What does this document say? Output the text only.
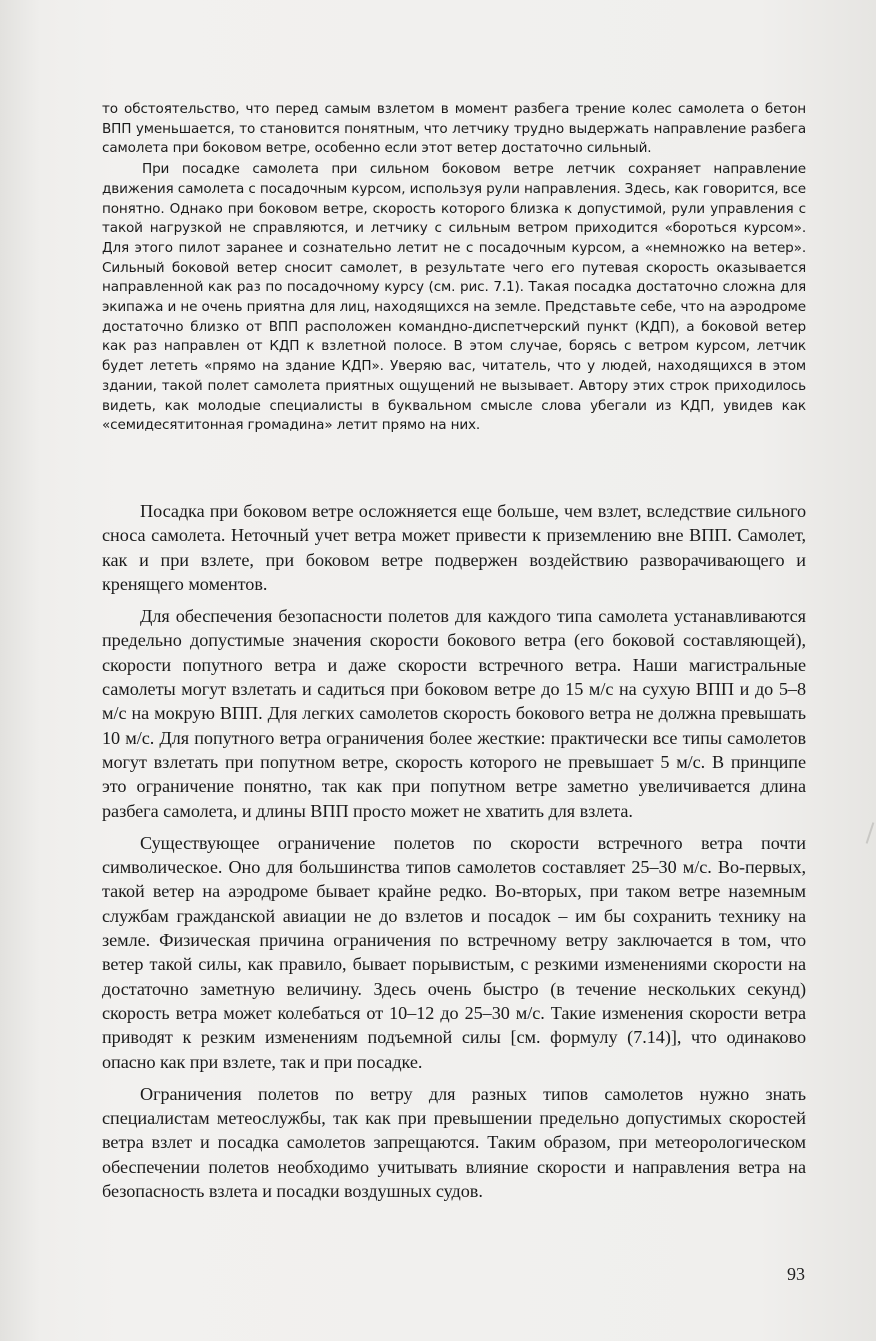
то обстоятельство, что перед самым взлетом в момент разбега трение колес самолета о бетон ВПП уменьшается, то становится понятным, что летчику трудно выдержать направление разбега самолета при боковом ветре, особенно если этот ветер достаточно сильный.

При посадке самолета при сильном боковом ветре летчик сохраняет направление движения самолета с посадочным курсом, используя рули направления. Здесь, как говорится, все понятно. Однако при боковом ветре, скорость которого близка к допустимой, рули управления с такой нагрузкой не справляются, и летчику с сильным ветром приходится «бороться курсом». Для этого пилот заранее и сознательно летит не с посадочным курсом, а «немножко на ветер». Сильный боковой ветер сносит самолет, в результате чего его путевая скорость оказывается направленной как раз по посадочному курсу (см. рис. 7.1). Такая посадка достаточно сложна для экипажа и не очень приятна для лиц, находящихся на земле. Представьте себе, что на аэродроме достаточно близко от ВПП расположен командно-диспетчерский пункт (КДП), а боковой ветер как раз направлен от КДП к взлетной полосе. В этом случае, борясь с ветром курсом, летчик будет лететь «прямо на здание КДП». Уверяю вас, читатель, что у людей, находящихся в этом здании, такой полет самолета приятных ощущений не вызывает. Автору этих строк приходилось видеть, как молодые специалисты в буквальном смысле слова убегали из КДП, увидев как «семидесятитонная громадина» летит прямо на них.

Посадка при боковом ветре осложняется еще больше, чем взлет, вследствие сильного сноса самолета. Неточный учет ветра может привести к приземлению вне ВПП. Самолет, как и при взлете, при боковом ветре подвержен воздействию разворачивающего и кренящего моментов.

Для обеспечения безопасности полетов для каждого типа самолета устанавливаются предельно допустимые значения скорости бокового ветра (его боковой составляющей), скорости попутного ветра и даже скорости встречного ветра. Наши магистральные самолеты могут взлетать и садиться при боковом ветре до 15 м/с на сухую ВПП и до 5–8 м/с на мокрую ВПП. Для легких самолетов скорость бокового ветра не должна превышать 10 м/с. Для попутного ветра ограничения более жесткие: практически все типы самолетов могут взлетать при попутном ветре, скорость которого не превышает 5 м/с. В принципе это ограничение понятно, так как при попутном ветре заметно увеличивается длина разбега самолета, и длины ВПП просто может не хватить для взлета.

Существующее ограничение полетов по скорости встречного ветра почти символическое. Оно для большинства типов самолетов составляет 25–30 м/с. Во-первых, такой ветер на аэродроме бывает крайне редко. Во-вторых, при таком ветре наземным службам гражданской авиации не до взлетов и посадок – им бы сохранить технику на земле. Физическая причина ограничения по встречному ветру заключается в том, что ветер такой силы, как правило, бывает порывистым, с резкими изменениями скорости на достаточно заметную величину. Здесь очень быстро (в течение нескольких секунд) скорость ветра может колебаться от 10–12 до 25–30 м/с. Такие изменения скорости ветра приводят к резким изменениям подъемной силы [см. формулу (7.14)], что одинаково опасно как при взлете, так и при посадке.

Ограничения полетов по ветру для разных типов самолетов нужно знать специалистам метеослужбы, так как при превышении предельно допустимых скоростей ветра взлет и посадка самолетов запрещаются. Таким образом, при метеорологическом обеспечении полетов необходимо учитывать влияние скорости и направления ветра на безопасность взлета и посадки воздушных судов.

93
